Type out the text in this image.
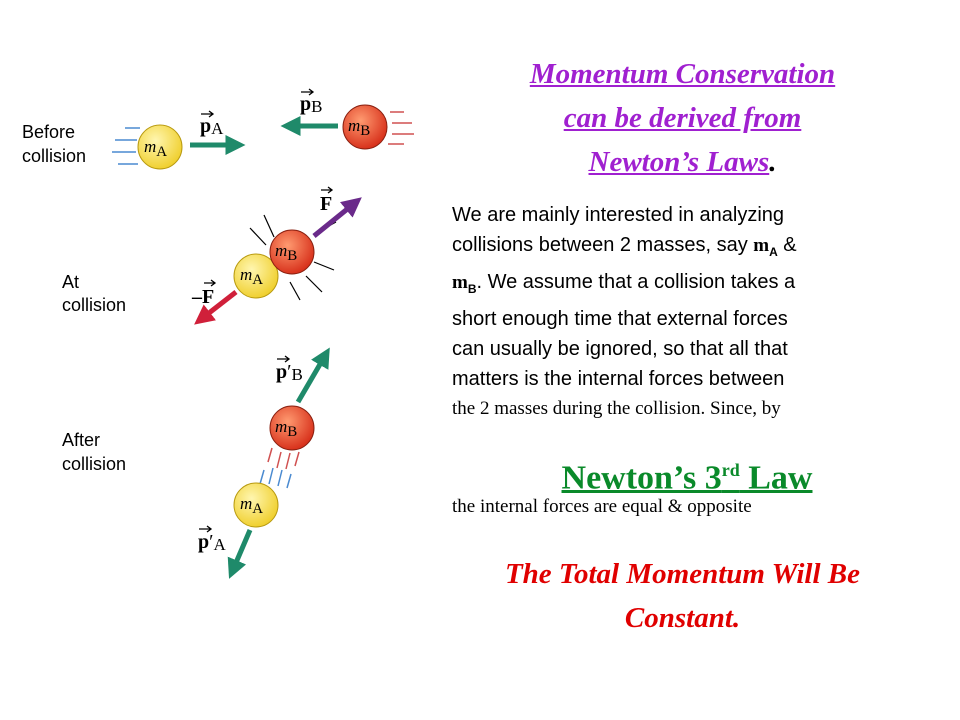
Before collision
At collision
After collision
mA
pA
pB
mB
mA
mB
F
–F
p′B
mB
mA
p′A
Momentum Conservation
can be derived from
Newton’s Laws.
We are mainly interested in analyzing
collisions between 2 masses, say $m_A$ &
$m_B$. We assume that a collision takes a
short enough time that external forces
can usually be ignored, so that all that
matters is the internal forces between
the 2 masses during the collision. Since, by
Newton’s 3rd Law
the internal forces are equal & opposite
The Total Momentum Will Be
Constant.
